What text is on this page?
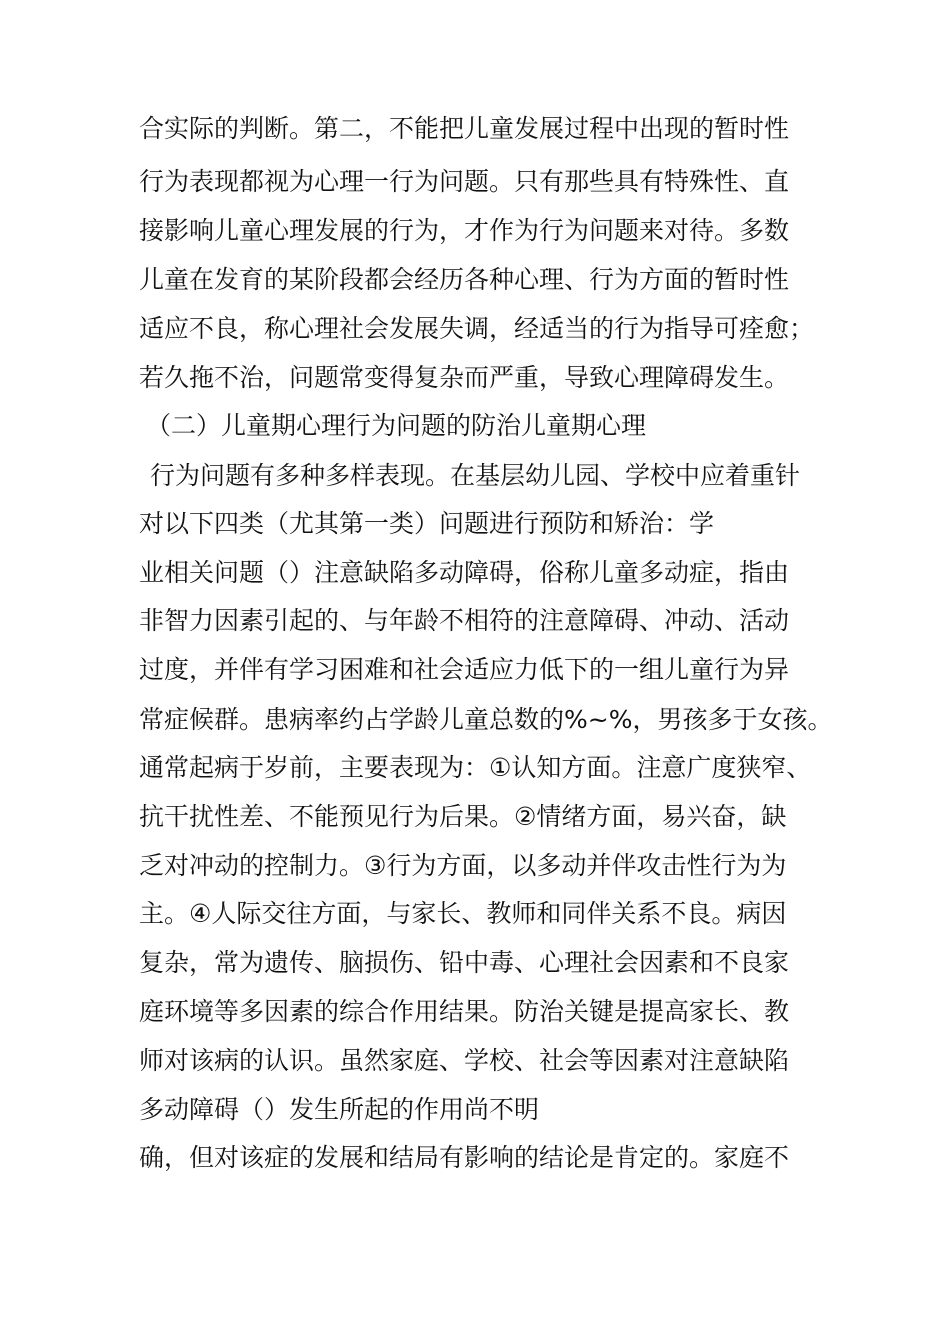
合实际的判断。第二，不能把儿童发展过程中出现的暂时性
行为表现都视为心理一行为问题。只有那些具有特殊性、直
接影响儿童心理发展的行为，才作为行为问题来对待。多数
儿童在发育的某阶段都会经历各种心理、行为方面的暂时性
适应不良，称心理社会发展失调，经适当的行为指导可痊愈；
若久拖不治，问题常变得复杂而严重，导致心理障碍发生。
（二）儿童期心理行为问题的防治儿童期心理
行为问题有多种多样表现。在基层幼儿园、学校中应着重针
对以下四类（尤其第一类）问题进行预防和矫治：学
业相关问题（）注意缺陷多动障碍，俗称儿童多动症，指由
非智力因素引起的、与年龄不相符的注意障碍、冲动、活动
过度，并伴有学习困难和社会适应力低下的一组儿童行为异
常症候群。患病率约占学龄儿童总数的%~%，男孩多于女孩。
通常起病于岁前，主要表现为：①认知方面。注意广度狭窄、
抗干扰性差、不能预见行为后果。②情绪方面，易兴奋，缺
乏对冲动的控制力。③行为方面，以多动并伴攻击性行为为
主。④人际交往方面，与家长、教师和同伴关系不良。病因
复杂，常为遗传、脑损伤、铅中毒、心理社会因素和不良家
庭环境等多因素的综合作用结果。防治关键是提高家长、教
师对该病的认识。虽然家庭、学校、社会等因素对注意缺陷
多动障碍（）发生所起的作用尚不明
确，但对该症的发展和结局有影响的结论是肯定的。家庭不
